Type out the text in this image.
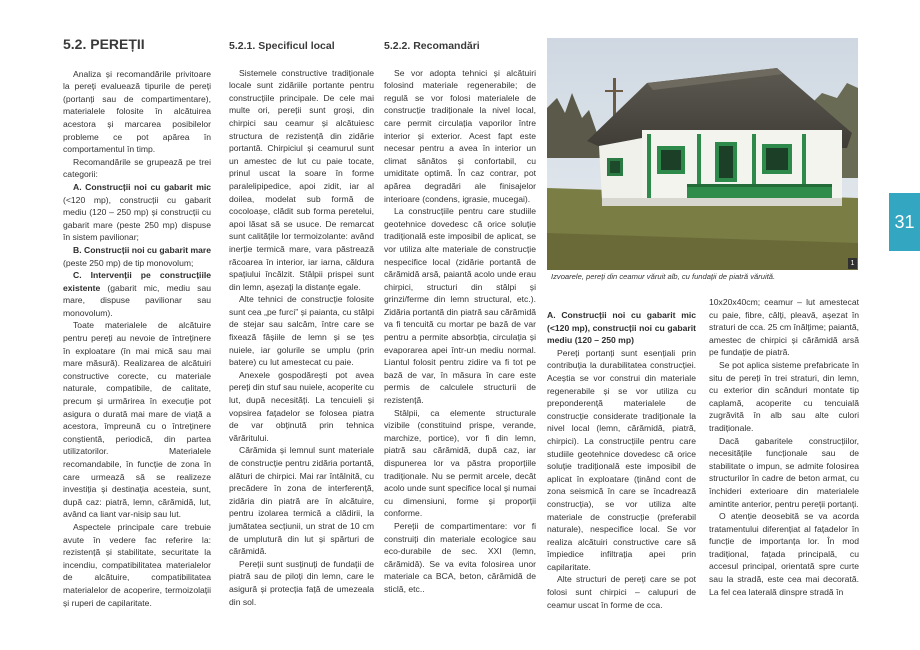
5.2. PEREȚII

Analiza și recomandările privitoare la pereți evaluează tipurile de pereți (portanți sau de compartimentare), materialele folosite în alcătuirea acestora și marcarea posibilelor probleme ce pot apărea în comportamentul în timp.

Recomandările se grupează pe trei categorii:

A. Construcții noi cu gabarit mic (<120 mp), construcții cu gabarit mediu (120 – 250 mp) și construcții cu gabarit mare (peste 250 mp) dispuse în sistem pavilionar;

B. Construcții noi cu gabarit mare (peste 250 mp) de tip monovolum;

C. Intervenții pe construcțiile existente (gabarit mic, mediu sau mare, dispuse pavilionar sau monovolum).

Toate materialele de alcătuire pentru pereți au nevoie de întreținere în exploatare (în mai mică sau mai mare măsură). Realizarea de alcătuiri constructive corecte, cu materiale naturale, compatibile, de calitate, precum și urmărirea în execuție pot asigura o durată mai mare de viață a acestora, împreună cu o întreținere conștientă, periodică, din partea utilizatorilor. Materialele recomandabile, în funcție de zona în care urmează să se realizeze investiția și destinația acesteia, sunt, după caz: piatră, lemn, cărămidă, lut, având ca liant var-nisip sau lut.

Aspectele principale care trebuie avute în vedere fac referire la: rezistență și stabilitate, securitate la incendiu, compatibilitatea materialelor de alcătuire, compatibilitatea materialelor de acoperire, termoizolații și ruperi de capilaritate.

5.2.1. Specificul local

Sistemele constructive tradiționale locale sunt zidăriile portante pentru construcțiile principale. De cele mai multe ori, pereții sunt groși, din chirpici sau ceamur și alcătuiesc structura de rezistență din zidărie portantă. Chirpiciul și ceamurul sunt un amestec de lut cu paie tocate, prinul uscat la soare în forme paralelipipedice, apoi zidit, iar al doilea, modelat sub formă de cocoloașe, clădit sub forma peretelui, apoi lăsat să se usuce. De remarcat sunt calitățile lor termoizolante: având inerție termică mare, vara păstrează răcoarea în interior, iar iarna, căldura spațiului încălzit. Stâlpii prispei sunt din lemn, așezați la distanțe egale.

Alte tehnici de construcție folosite sunt cea „pe furci” și paianta, cu stâlpi de stejar sau salcâm, între care se fixează fâșiile de lemn și se țes nuiele, iar golurile se umplu (prin batere) cu lut amestecat cu paie.

Anexele gospodărești pot avea pereți din stuf sau nuiele, acoperite cu lut, după necesități. La tencuieli și vopsirea fațadelor se folosea piatra de var obținută prin tehnica vărăritului.

Cărămida și lemnul sunt materiale de construcție pentru zidăria portantă, alături de chirpici. Mai rar întâlnită, cu precădere în zona de interferență, zidăria din piatră are în alcătuire, pentru izolarea termică a clădirii, la jumătatea secțiunii, un strat de 10 cm de umplutură din lut și spărturi de cărămidă.

Pereții sunt susținuți de fundații de piatră sau de piloți din lemn, care le asigură și protecția față de umezeala din sol.

5.2.2. Recomandări

Se vor adopta tehnici și alcătuiri folosind materiale regenerabile; de regulă se vor folosi materialele de construcție tradiționale la nivel local, care permit circulația vaporilor între interior și exterior. Acest fapt este necesar pentru a avea în interior un climat sănătos și confortabil, cu umiditate optimă. În caz contrar, pot apărea degradări ale finisajelor interioare (condens, igrasie, mucegai).

La construcțiile pentru care studiile geotehnice dovedesc că orice soluție tradițională este imposibil de aplicat, se vor utiliza alte materiale de construcție nespecifice local (zidărie portantă de cărămidă arsă, paiantă acolo unde erau chirpici, structuri din stâlpi și grinzi/ferme din lemn structural, etc.). Zidăria portantă din piatră sau cărămidă va fi tencuită cu mortar pe bază de var pentru a permite absorbția, circulația și evaporarea apei într-un mediu normal. Liantul folosit pentru zidire va fi tot pe bază de var, în măsura în care este permis de calculele structurii de rezistență.

Stâlpii, ca elemente structurale vizibile (constituind prispe, verande, marchize, portice), vor fi din lemn, piatră sau cărămidă, după caz, iar dispunerea lor va păstra proporțiile tradiționale. Nu se permit arcele, decât acolo unde sunt specifice local și numai cu dimensiuni, forme și proporții conforme.

Pereții de compartimentare: vor fi construiți din materiale ecologice sau eco-durabile de sec. XXI (lemn, cărămidă). Se va evita folosirea unor materiale ca BCA, beton, cărămidă de sticlă, etc..

1
Izvoarele, pereți din ceamur văruit alb, cu fundații de piatră văruită.

A. Construcții noi cu gabarit mic (<120 mp), construcții noi cu gabarit mediu (120 – 250 mp)

Pereți portanți sunt esențiali prin contribuția la durabilitatea construcției. Aceștia se vor construi din materiale regenerabile și se vor utiliza cu preponderență materialele de construcție considerate tradiționale la nivel local (lemn, cărămidă, piatră, chirpici). La construcțiile pentru care studiile geotehnice dovedesc că orice soluție tradițională este imposibil de aplicat în exploatare (ținând cont de zona seismică în care se încadrează construcția), se vor utiliza alte materiale de construcție (preferabil naturale), nespecifice local. Se vor realiza alcătuiri constructive care să împiedice infiltrația apei prin capilaritate.

Alte structuri de pereți care se pot folosi sunt chirpici – calupuri de ceamur uscat în forme de cca.

10x20x40cm; ceamur – lut amestecat cu paie, fibre, câlți, pleavă, așezat în straturi de cca. 25 cm înălțime; paiantă, amestec de chirpici și cărămidă arsă pe fundație de piatră.

Se pot aplica sisteme prefabricate în situ de pereți în trei straturi, din lemn, cu exterior din scânduri montate tip caplamă, acoperite cu tencuială zugrăvită în alb sau alte culori tradiționale.

Dacă gabaritele construcțiilor, necesitățile funcționale sau de stabilitate o impun, se admite folosirea structurilor în cadre de beton armat, cu închideri exterioare din materialele amintite anterior, pentru pereții portanți.

O atenție deosebită se va acorda tratamentului diferențiat al fațadelor în funcție de importanța lor. În mod tradițional, fațada principală, cu accesul principal, orientată spre curte sau la stradă, este cea mai decorată. La fel cea laterală dinspre stradă în

31
